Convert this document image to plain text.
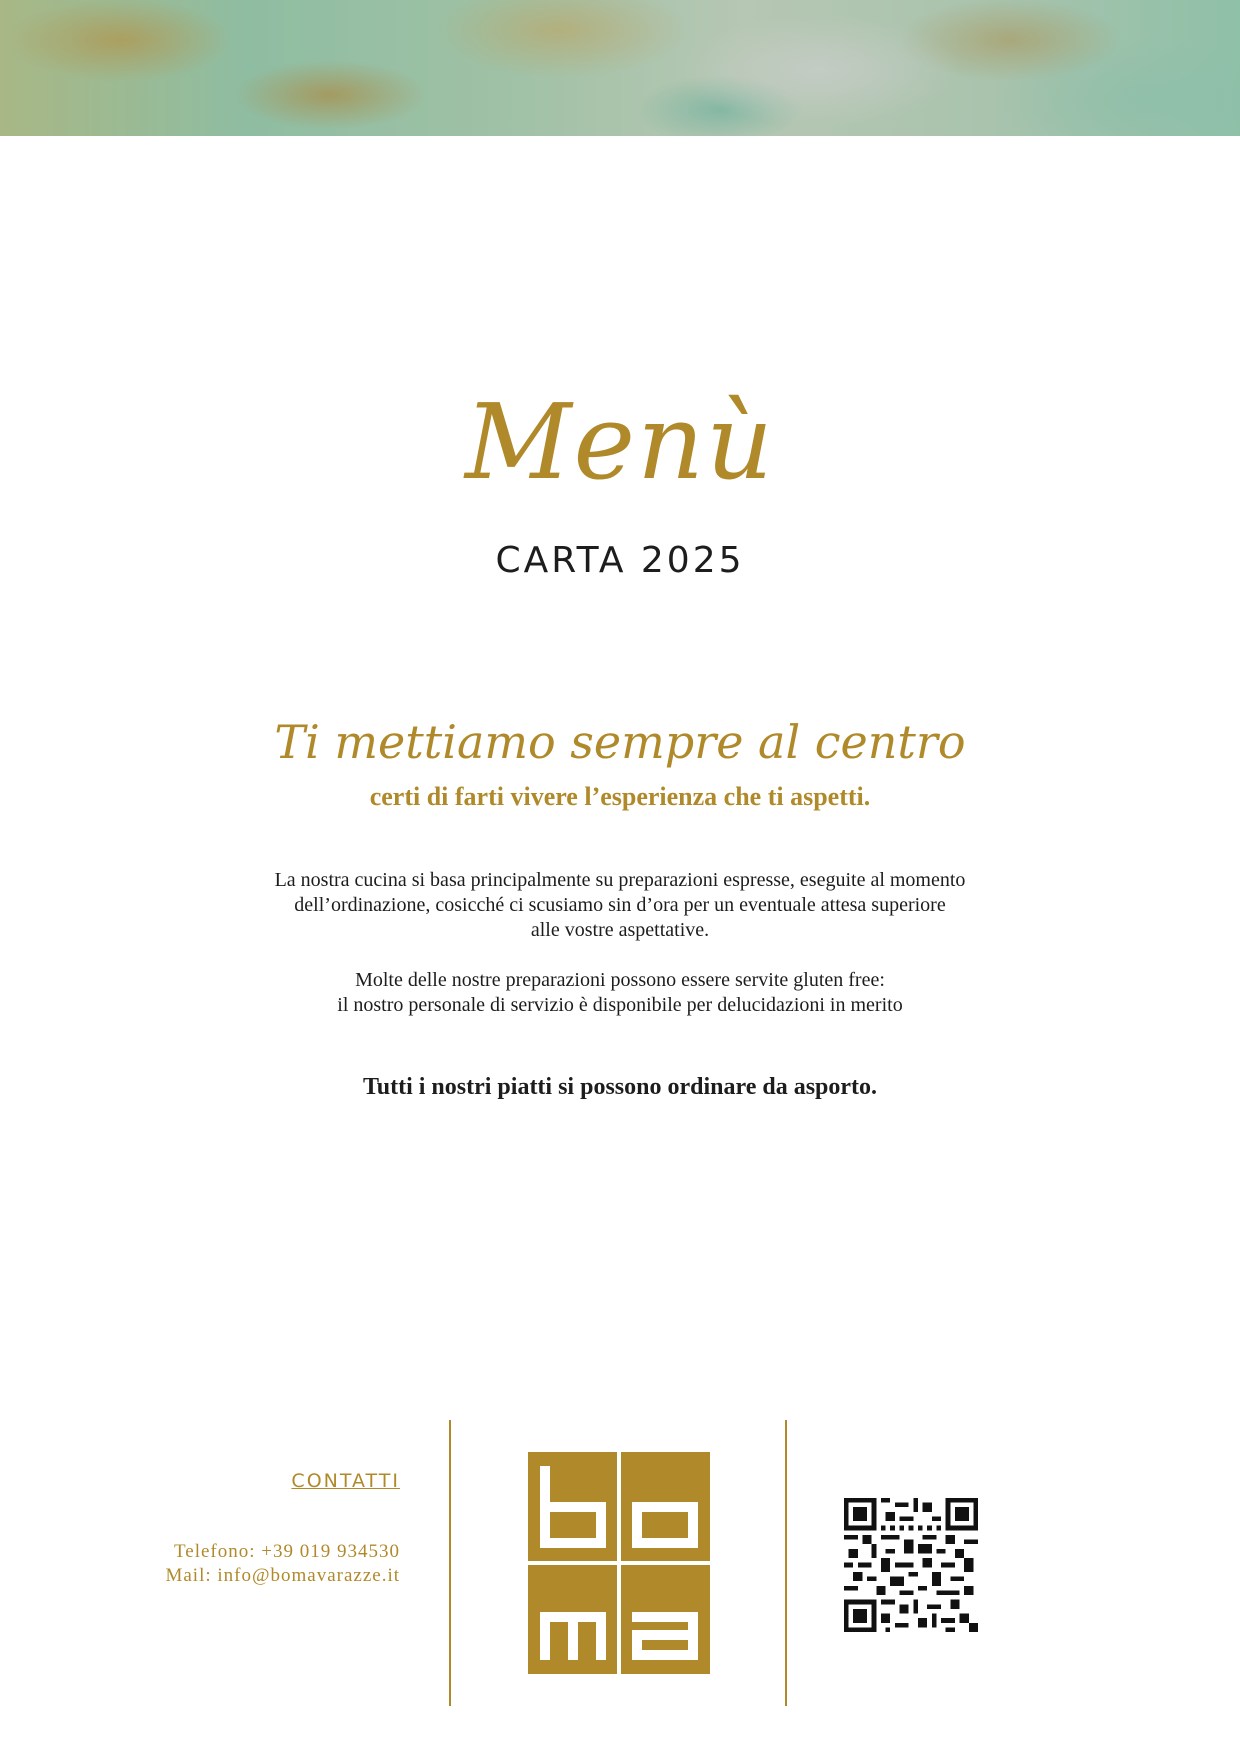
Menù
CARTA 2025
Ti mettiamo sempre al centro
certi di farti vivere l’esperienza che ti aspetti.

La nostra cucina si basa principalmente su preparazioni espresse, eseguite al momento

dell’ordinazione, cosicché ci scusiamo sin d’ora per un eventuale attesa superiore

alle vostre aspettative.

Molte delle nostre preparazioni possono essere servite gluten free:

il nostro personale di servizio è disponibile per delucidazioni in merito

Tutti i nostri piatti si possono ordinare da asporto.
CONTATTI
Telefono: +39 019 934530
Mail: info@bomavarazze.it
